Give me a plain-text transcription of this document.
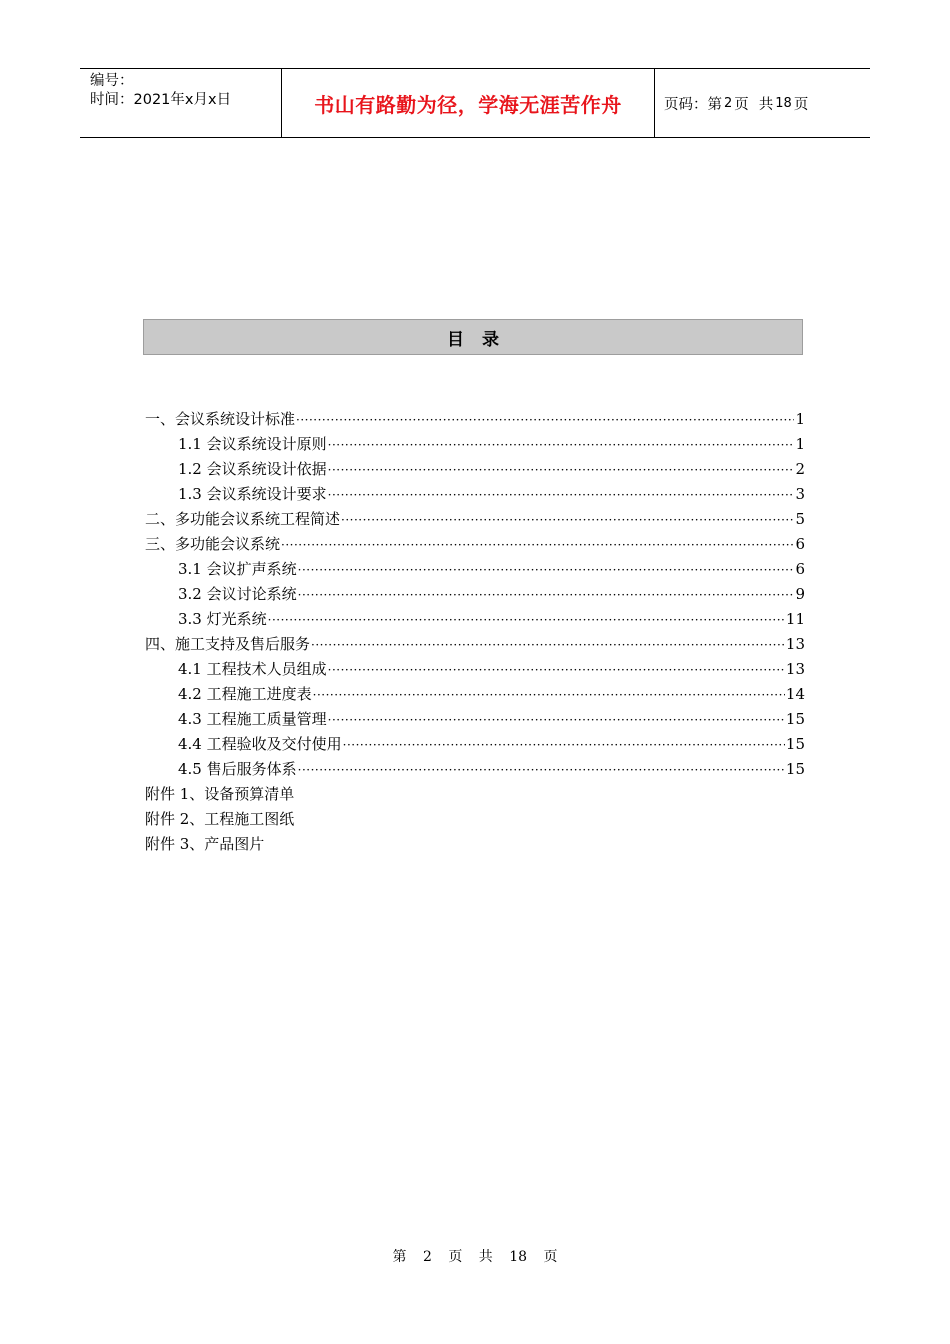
编号：
时间：2021年x月x日	书山有路勤为径，学海无涯苦作舟	页码：第 2 页 共 18 页
目录
一、会议系统设计标准 ·····	1
1.1 会议系统设计原则 ·····	1
1.2 会议系统设计依据 ·····	2
1.3 会议系统设计要求 ·····	3
二、多功能会议系统工程简述 ·····	5
三、多功能会议系统 ·····	6
3.1 会议扩声系统 ·····	6
3.2 会议讨论系统 ·····	9
3.3 灯光系统 ·····	11
四、施工支持及售后服务 ·····	13
4.1 工程技术人员组成 ·····	13
4.2 工程施工进度表 ·····	14
4.3 工程施工质量管理 ·····	15
4.4 工程验收及交付使用 ·····	15
4.5 售后服务体系 ·····	15
附件 1、设备预算清单
附件 2、工程施工图纸
附件 3、产品图片
第 2 页 共 18 页
